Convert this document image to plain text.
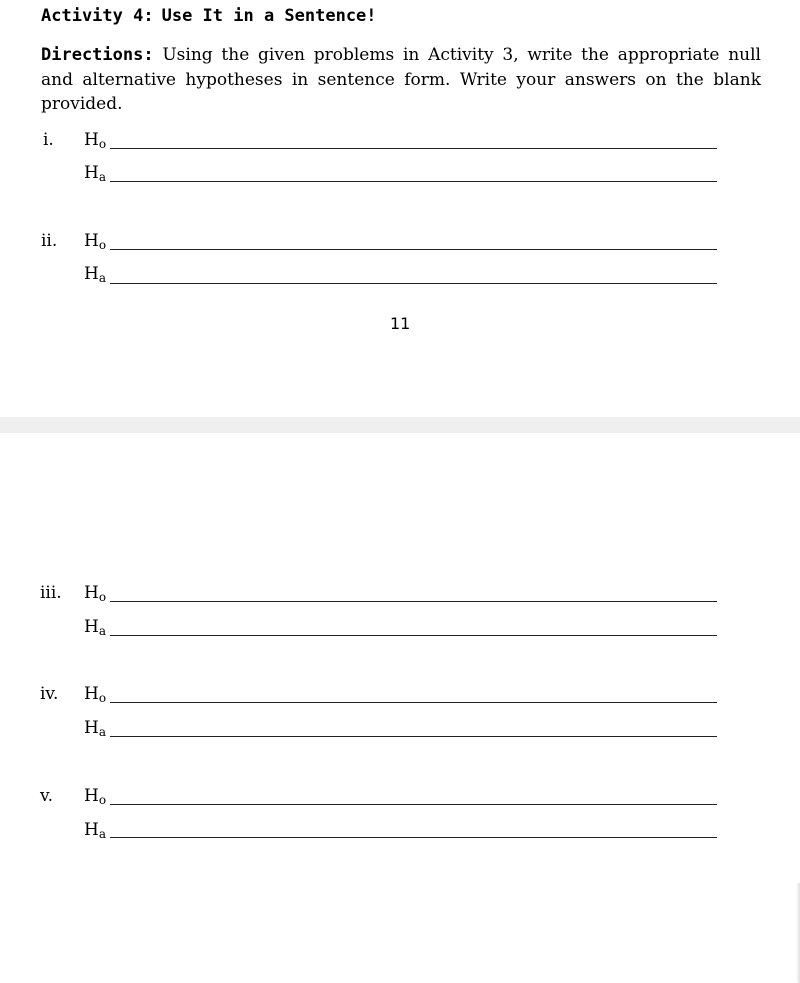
Activity 4: Use It in a Sentence!
Directions: Using the given problems in Activity 3, write the appropriate null and alternative hypotheses in sentence form. Write your answers on the blank provided.
i. $H_o$
$H_a$
ii. $H_o$
$H_a$
11
iii. $H_o$
$H_a$
iv. $H_o$
$H_a$
v. $H_o$
$H_a$
